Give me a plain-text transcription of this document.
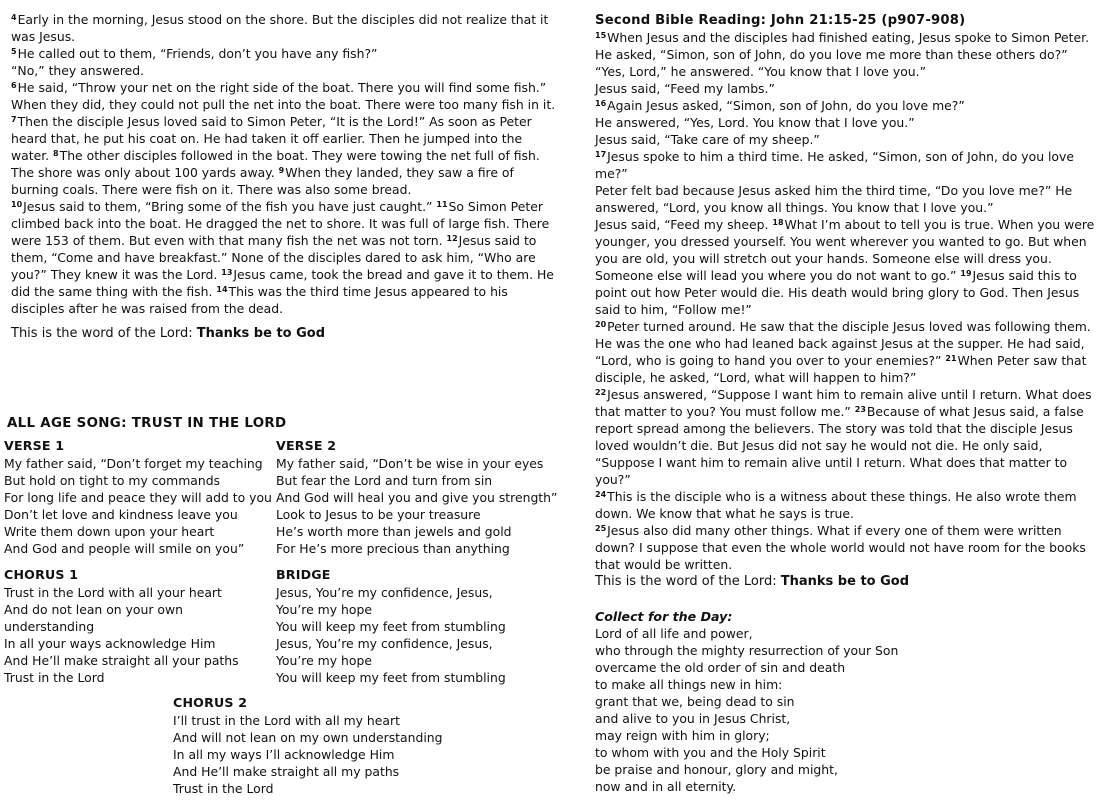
$^4$Early in the morning, Jesus stood on the shore. But the disciples did not realize that it was Jesus.

$^5$He called out to them, “Friends, don’t you have any fish?”

“No,” they answered.

$^6$He said, “Throw your net on the right side of the boat. There you will find some fish.” When they did, they could not pull the net into the boat. There were too many fish in it.

$^7$Then the disciple Jesus loved said to Simon Peter, “It is the Lord!” As soon as Peter heard that, he put his coat on. He had taken it off earlier. Then he jumped into the water. $^8$The other disciples followed in the boat. They were towing the net full of fish. The shore was only about 100 yards away. $^9$When they landed, they saw a fire of burning coals. There were fish on it. There was also some bread.

$^{10}$Jesus said to them, “Bring some of the fish you have just caught.” $^{11}$So Simon Peter climbed back into the boat. He dragged the net to shore. It was full of large fish. There were 153 of them. But even with that many fish the net was not torn. $^{12}$Jesus said to them, “Come and have breakfast.” None of the disciples dared to ask him, “Who are you?” They knew it was the Lord. $^{13}$Jesus came, took the bread and gave it to them. He did the same thing with the fish. $^{14}$This was the third time Jesus appeared to his disciples after he was raised from the dead.

This is the word of the Lord: Thanks be to God

ALL AGE SONG: TRUST IN THE LORD

VERSE 1

My father said, “Don’t forget my teaching

But hold on tight to my commands

For long life and peace they will add to you

Don’t let love and kindness leave you

Write them down upon your heart

And God and people will smile on you”

VERSE 2

My father said, “Don’t be wise in your eyes

But fear the Lord and turn from sin

And God will heal you and give you strength”

Look to Jesus to be your treasure

He’s worth more than jewels and gold

For He’s more precious than anything

CHORUS 1

Trust in the Lord with all your heart

And do not lean on your own

understanding

In all your ways acknowledge Him

And He’ll make straight all your paths

Trust in the Lord

BRIDGE

Jesus, You’re my confidence, Jesus,

You’re my hope

You will keep my feet from stumbling

Jesus, You’re my confidence, Jesus,

You’re my hope

You will keep my feet from stumbling

CHORUS 2

I’ll trust in the Lord with all my heart

And will not lean on my own understanding

In all my ways I’ll acknowledge Him

And He’ll make straight all my paths

Trust in the Lord

Second Bible Reading: John 21:15-25 (p907-908)

$^{15}$When Jesus and the disciples had finished eating, Jesus spoke to Simon Peter. He asked, “Simon, son of John, do you love me more than these others do?”

“Yes, Lord,” he answered. “You know that I love you.”

Jesus said, “Feed my lambs.”

$^{16}$Again Jesus asked, “Simon, son of John, do you love me?”

He answered, “Yes, Lord. You know that I love you.”

Jesus said, “Take care of my sheep.”

$^{17}$Jesus spoke to him a third time. He asked, “Simon, son of John, do you love me?”

Peter felt bad because Jesus asked him the third time, “Do you love me?” He answered, “Lord, you know all things. You know that I love you.”

Jesus said, “Feed my sheep. $^{18}$What I’m about to tell you is true. When you were younger, you dressed yourself. You went wherever you wanted to go. But when you are old, you will stretch out your hands. Someone else will dress you. Someone else will lead you where you do not want to go.” $^{19}$Jesus said this to point out how Peter would die. His death would bring glory to God. Then Jesus said to him, “Follow me!”

$^{20}$Peter turned around. He saw that the disciple Jesus loved was following them. He was the one who had leaned back against Jesus at the supper. He had said, “Lord, who is going to hand you over to your enemies?” $^{21}$When Peter saw that disciple, he asked, “Lord, what will happen to him?”

$^{22}$Jesus answered, “Suppose I want him to remain alive until I return. What does that matter to you? You must follow me.” $^{23}$Because of what Jesus said, a false report spread among the believers. The story was told that the disciple Jesus loved wouldn’t die. But Jesus did not say he would not die. He only said, “Suppose I want him to remain alive until I return. What does that matter to you?”

$^{24}$This is the disciple who is a witness about these things. He also wrote them down. We know that what he says is true.

$^{25}$Jesus also did many other things. What if every one of them were written down? I suppose that even the whole world would not have room for the books that would be written.

This is the word of the Lord: Thanks be to God

Collect for the Day:

Lord of all life and power,

who through the mighty resurrection of your Son

overcame the old order of sin and death

to make all things new in him:

grant that we, being dead to sin

and alive to you in Jesus Christ,

may reign with him in glory;

to whom with you and the Holy Spirit

be praise and honour, glory and might,

now and in all eternity.
